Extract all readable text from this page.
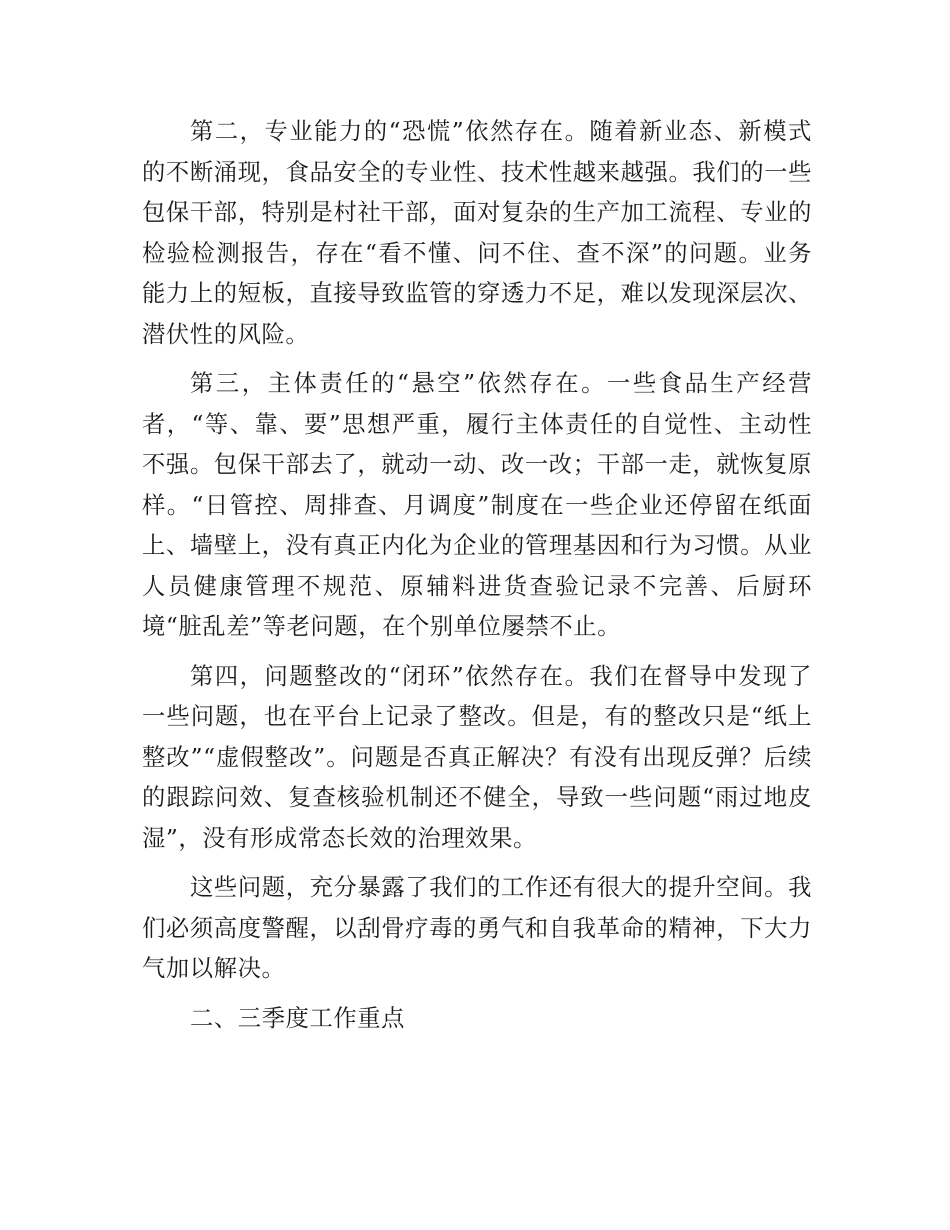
第二，专业能力的“恐慌”依然存在。随着新业态、新模式的不断涌现，食品安全的专业性、技术性越来越强。我们的一些包保干部，特别是村社干部，面对复杂的生产加工流程、专业的检验检测报告，存在“看不懂、问不住、查不深”的问题。业务能力上的短板，直接导致监管的穿透力不足，难以发现深层次、潜伏性的风险。

第三，主体责任的“悬空”依然存在。一些食品生产经营者，“等、靠、要”思想严重，履行主体责任的自觉性、主动性不强。包保干部去了，就动一动、改一改；干部一走，就恢复原样。“日管控、周排查、月调度”制度在一些企业还停留在纸面上、墙壁上，没有真正内化为企业的管理基因和行为习惯。从业人员健康管理不规范、原辅料进货查验记录不完善、后厨环境“脏乱差”等老问题，在个别单位屡禁不止。

第四，问题整改的“闭环”依然存在。我们在督导中发现了一些问题，也在平台上记录了整改。但是，有的整改只是“纸上整改”“虚假整改”。问题是否真正解决？有没有出现反弹？后续的跟踪问效、复查核验机制还不健全，导致一些问题“雨过地皮湿”，没有形成常态长效的治理效果。

这些问题，充分暴露了我们的工作还有很大的提升空间。我们必须高度警醒，以刮骨疗毒的勇气和自我革命的精神，下大力气加以解决。

二、三季度工作重点
